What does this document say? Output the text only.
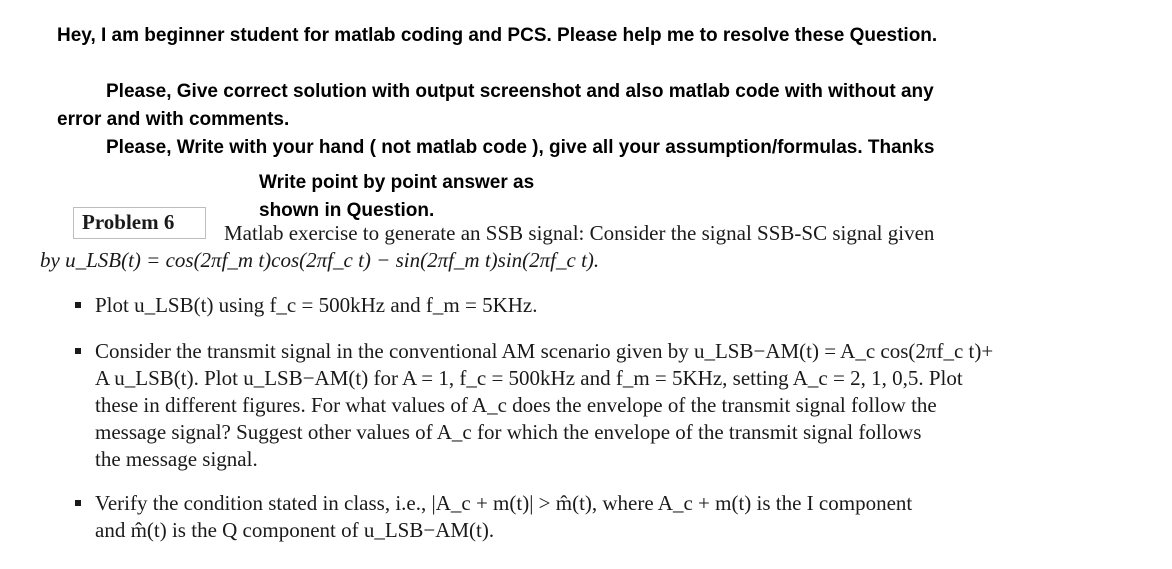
Hey, I am beginner student for matlab coding and PCS. Please help me to resolve these Question.
Please, Give correct solution with output screenshot and also matlab code with without any
error and with comments.
Please, Write with your hand ( not matlab code ), give all your assumption/formulas. Thanks
Write point by point answer as
shown in Question.
Problem 6 Matlab exercise to generate an SSB signal: Consider the signal SSB-SC signal given
by u_LSB(t) = cos(2πf_m t)cos(2πf_c t) − sin(2πf_m t)sin(2πf_c t).
Plot u_LSB(t) using f_c = 500kHz and f_m = 5KHz.
Consider the transmit signal in the conventional AM scenario given by u_LSB−AM(t) = A_c cos(2πf_c t)+
A u_LSB(t). Plot u_LSB−AM(t) for A = 1, f_c = 500kHz and f_m = 5KHz, setting A_c = 2, 1, 0,5. Plot
these in different figures. For what values of A_c does the envelope of the transmit signal follow the
message signal? Suggest other values of A_c for which the envelope of the transmit signal follows
the message signal.
Verify the condition stated in class, i.e., |A_c + m(t)| > m̂(t), where A_c + m(t) is the I component
and m̂(t) is the Q component of u_LSB−AM(t).
